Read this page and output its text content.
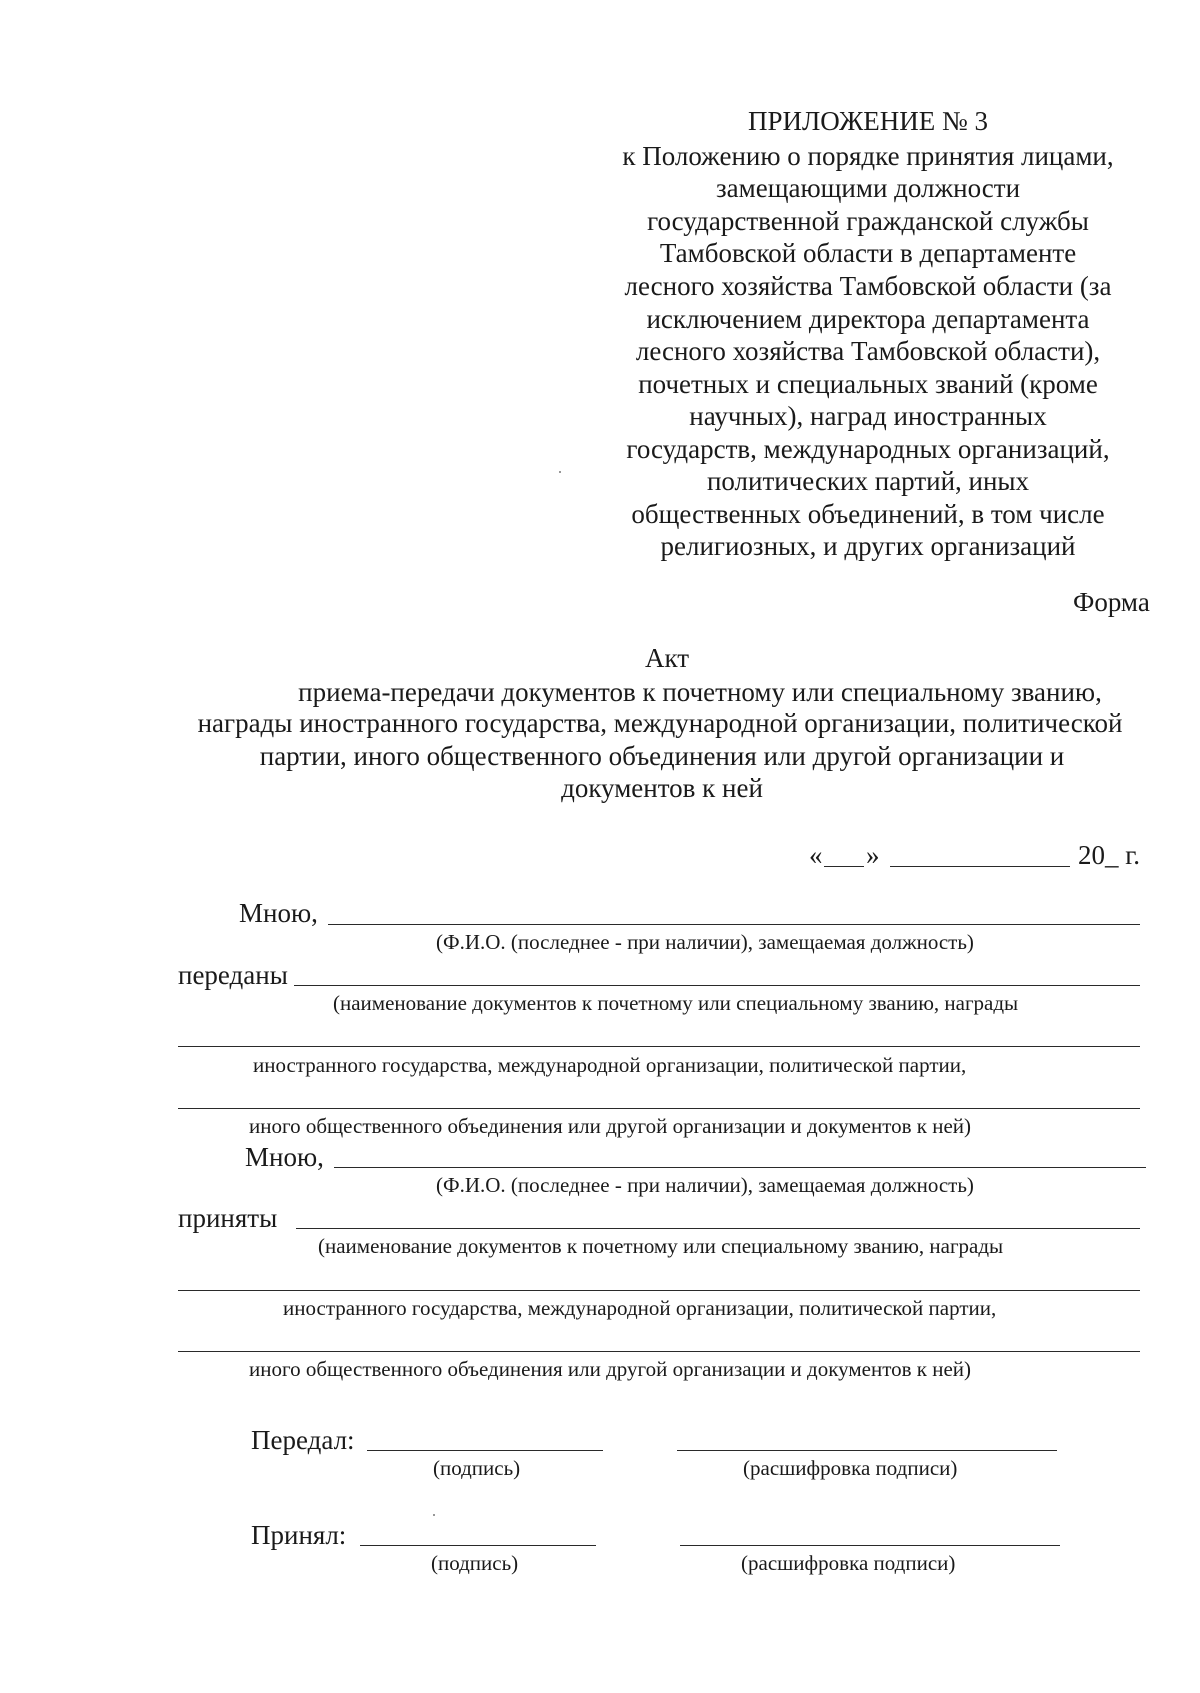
ПРИЛОЖЕНИЕ № 3
к Положению о порядке принятия лицами,
замещающими должности
государственной гражданской службы
Тамбовской области в департаменте
лесного хозяйства Тамбовской области (за
исключением директора департамента
лесного хозяйства Тамбовской области),
почетных и специальных званий (кроме
научных), наград иностранных
государств, международных организаций,
политических партий, иных
общественных объединений, в том числе
религиозных, и других организаций
Форма
Акт
приема-передачи документов к почетному или специальному званию,
награды иностранного государства, международной организации, политической
партии, иного общественного объединения или другой организации и
документов к ней
« »	20_ г.
Мною,
(Ф.И.О. (последнее - при наличии), замещаемая должность)
переданы
(наименование документов к почетному или специальному званию, награды
иностранного государства, международной организации, политической партии,
иного общественного объединения или другой организации и документов к ней)
Мною,
(Ф.И.О. (последнее - при наличии), замещаемая должность)
приняты
(наименование документов к почетному или специальному званию, награды
иностранного государства, международной организации, политической партии,
иного общественного объединения или другой организации и документов к ней)
Передал:
(подпись)	(расшифровка подписи)
Принял:
(подпись)	(расшифровка подписи)
